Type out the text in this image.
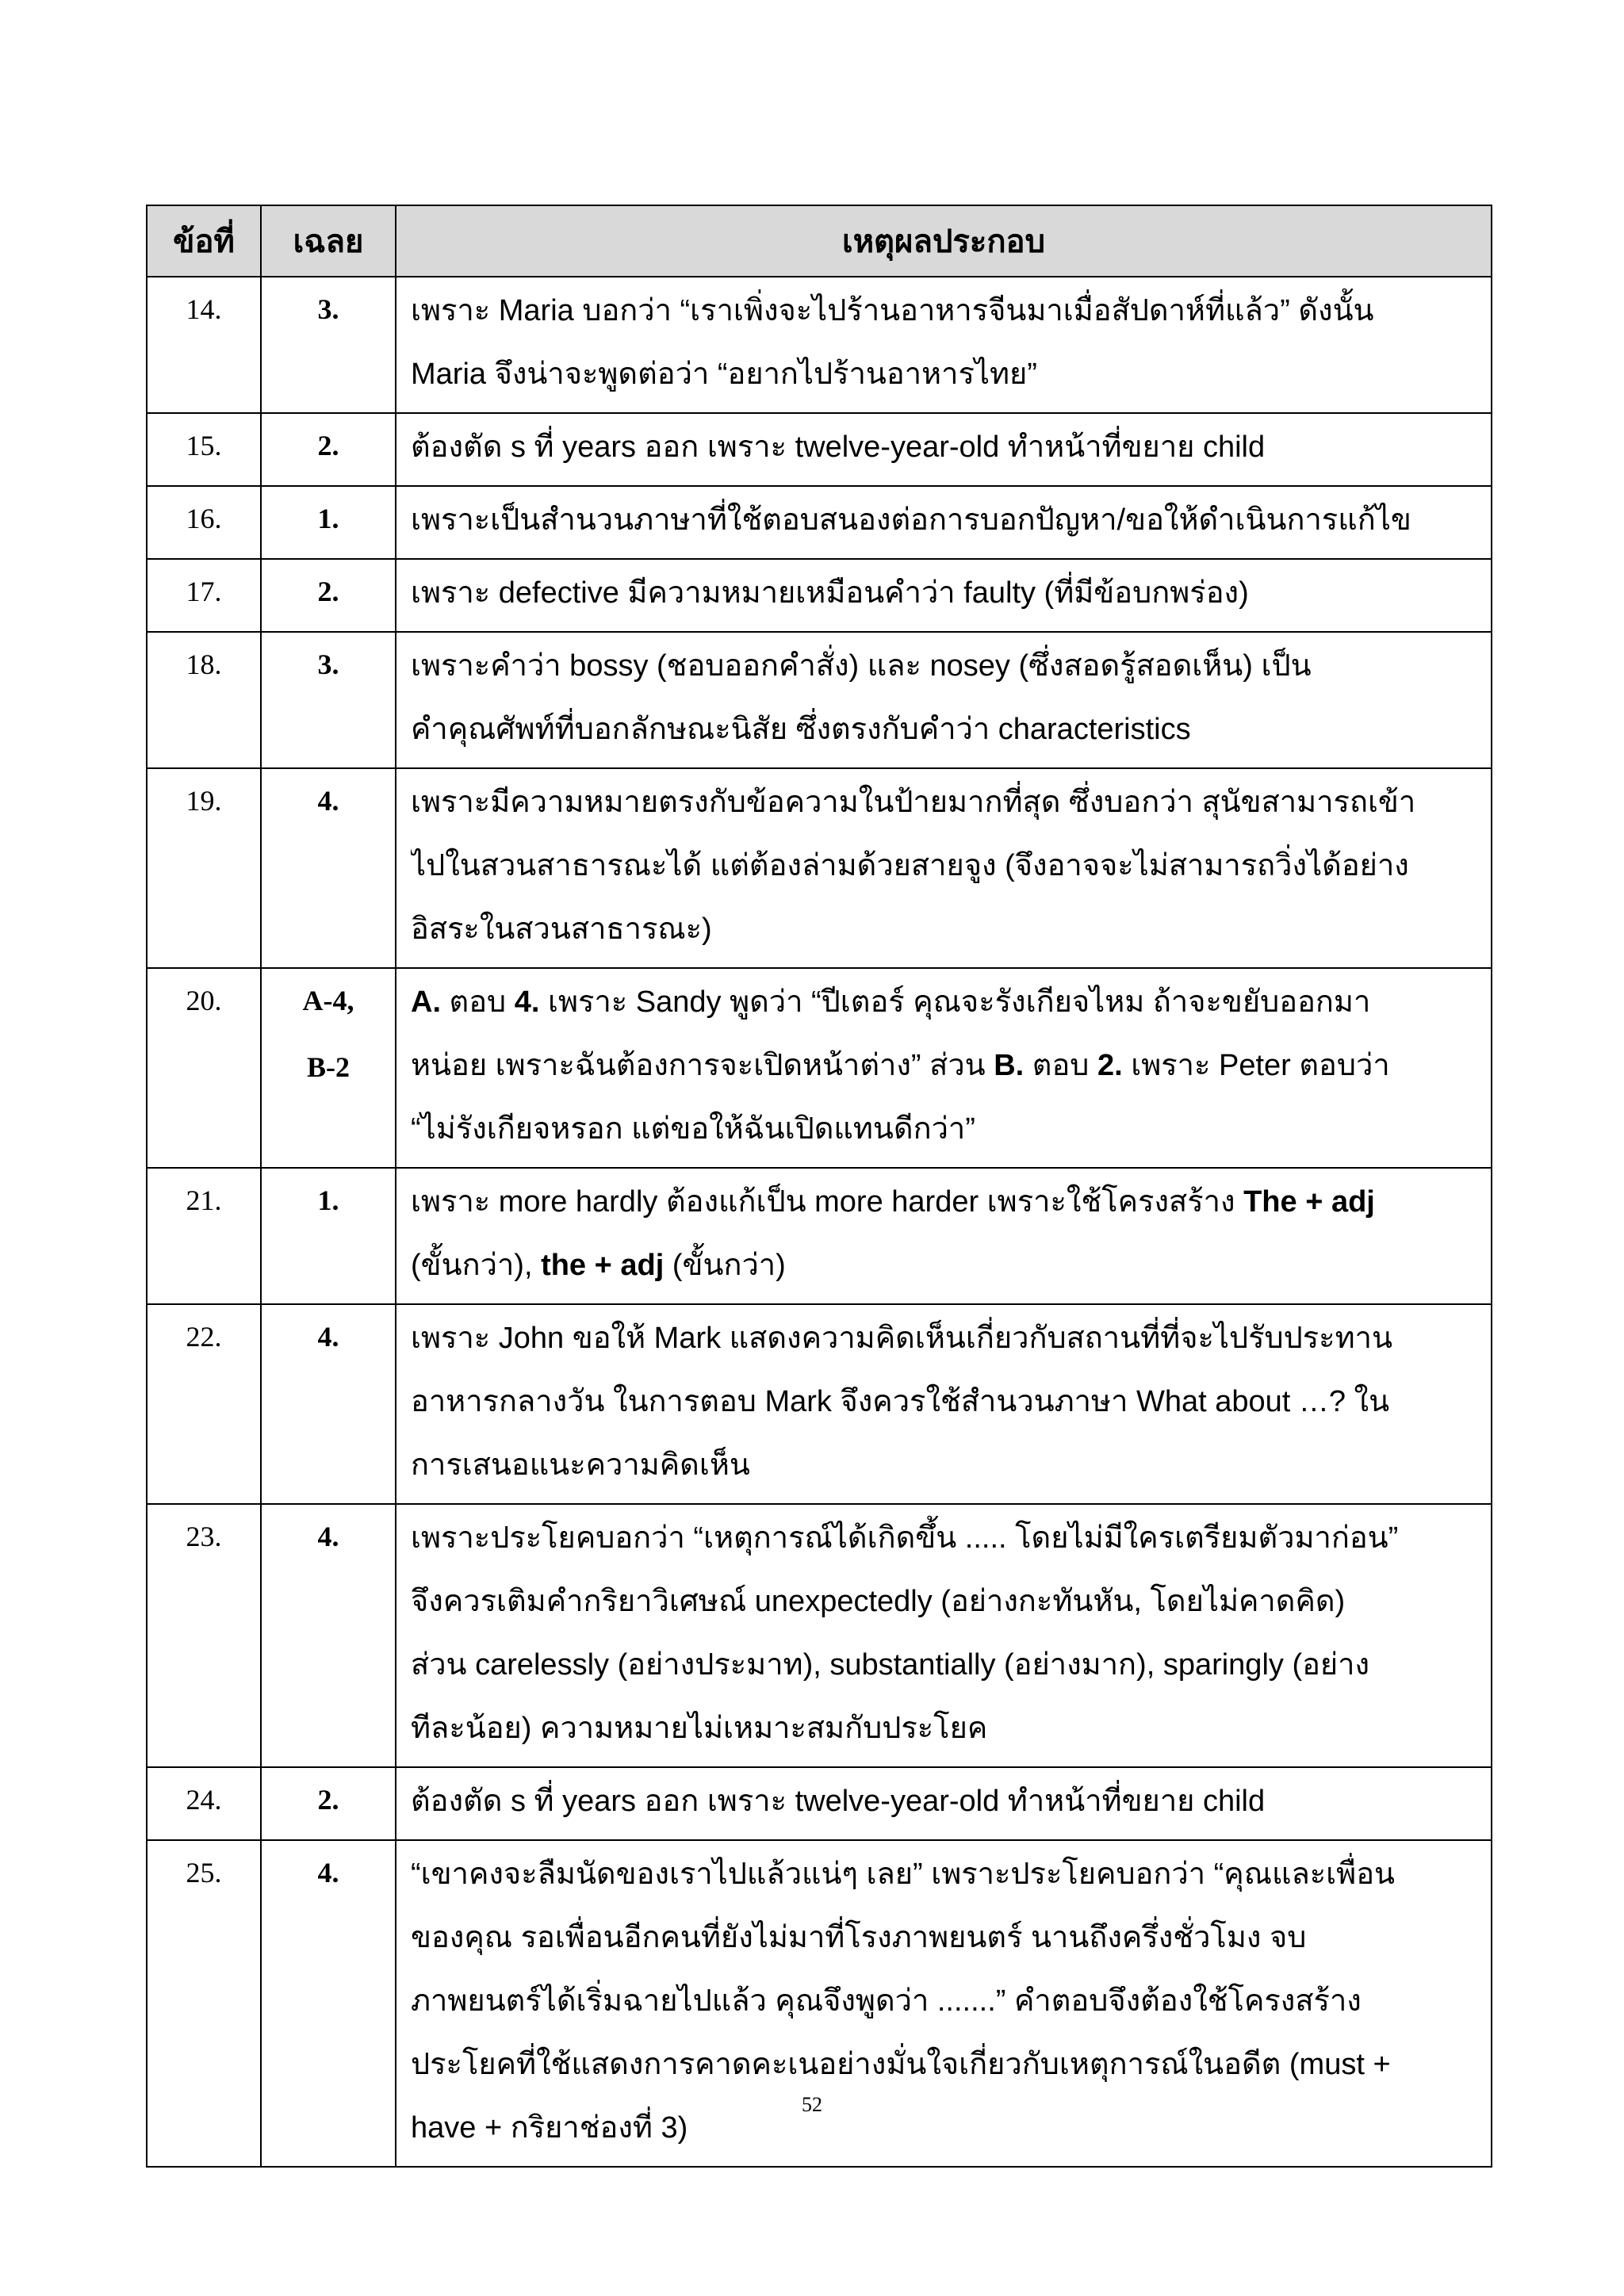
ข้อที่	เฉลย	เหตุผลประกอบ

14.	3.	เพราะ Maria บอกว่า “เราเพิ่งจะไปร้านอาหารจีนมาเมื่อสัปดาห์ที่แล้ว” ดังนั้น
Maria จึงน่าจะพูดต่อว่า “อยากไปร้านอาหารไทย”

15.	2.	ต้องตัด s ที่ years ออก เพราะ twelve-year-old ทำหน้าที่ขยาย child

16.	1.	เพราะเป็นสำนวนภาษาที่ใช้ตอบสนองต่อการบอกปัญหา/ขอให้ดำเนินการแก้ไข

17.	2.	เพราะ defective มีความหมายเหมือนคำว่า faulty (ที่มีข้อบกพร่อง)

18.	3.	เพราะคำว่า bossy (ชอบออกคำสั่ง) และ nosey (ซึ่งสอดรู้สอดเห็น) เป็น
คำคุณศัพท์ที่บอกลักษณะนิสัย ซึ่งตรงกับคำว่า characteristics

19.	4.	เพราะมีความหมายตรงกับข้อความในป้ายมากที่สุด ซึ่งบอกว่า สุนัขสามารถเข้า
ไปในสวนสาธารณะได้ แต่ต้องล่ามด้วยสายจูง (จึงอาจจะไม่สามารถวิ่งได้อย่าง
อิสระในสวนสาธารณะ)

20.	A-4,
B-2	A. ตอบ 4. เพราะ Sandy พูดว่า “ปีเตอร์ คุณจะรังเกียจไหม ถ้าจะขยับออกมา
หน่อย เพราะฉันต้องการจะเปิดหน้าต่าง” ส่วน B. ตอบ 2. เพราะ Peter ตอบว่า
“ไม่รังเกียจหรอก แต่ขอให้ฉันเปิดแทนดีกว่า”

21.	1.	เพราะ more hardly ต้องแก้เป็น more harder เพราะใช้โครงสร้าง The + adj
(ขั้นกว่า), the + adj (ขั้นกว่า)

22.	4.	เพราะ John ขอให้ Mark แสดงความคิดเห็นเกี่ยวกับสถานที่ที่จะไปรับประทาน
อาหารกลางวัน ในการตอบ Mark จึงควรใช้สำนวนภาษา What about …? ใน
การเสนอแนะความคิดเห็น

23.	4.	เพราะประโยคบอกว่า “เหตุการณ์ได้เกิดขึ้น ..... โดยไม่มีใครเตรียมตัวมาก่อน”
จึงควรเติมคำกริยาวิเศษณ์ unexpectedly (อย่างกะทันหัน, โดยไม่คาดคิด)
ส่วน carelessly (อย่างประมาท), substantially (อย่างมาก), sparingly (อย่าง
ทีละน้อย) ความหมายไม่เหมาะสมกับประโยค

24.	2.	ต้องตัด s ที่ years ออก เพราะ twelve-year-old ทำหน้าที่ขยาย child

25.	4.	“เขาคงจะลืมนัดของเราไปแล้วแน่ๆ เลย” เพราะประโยคบอกว่า “คุณและเพื่อน
ของคุณ รอเพื่อนอีกคนที่ยังไม่มาที่โรงภาพยนตร์ นานถึงครึ่งชั่วโมง จบ
ภาพยนตร์ได้เริ่มฉายไปแล้ว คุณจึงพูดว่า .......” คำตอบจึงต้องใช้โครงสร้าง
ประโยคที่ใช้แสดงการคาดคะเนอย่างมั่นใจเกี่ยวกับเหตุการณ์ในอดีต (must +
have + กริยาช่องที่ 3)
52
